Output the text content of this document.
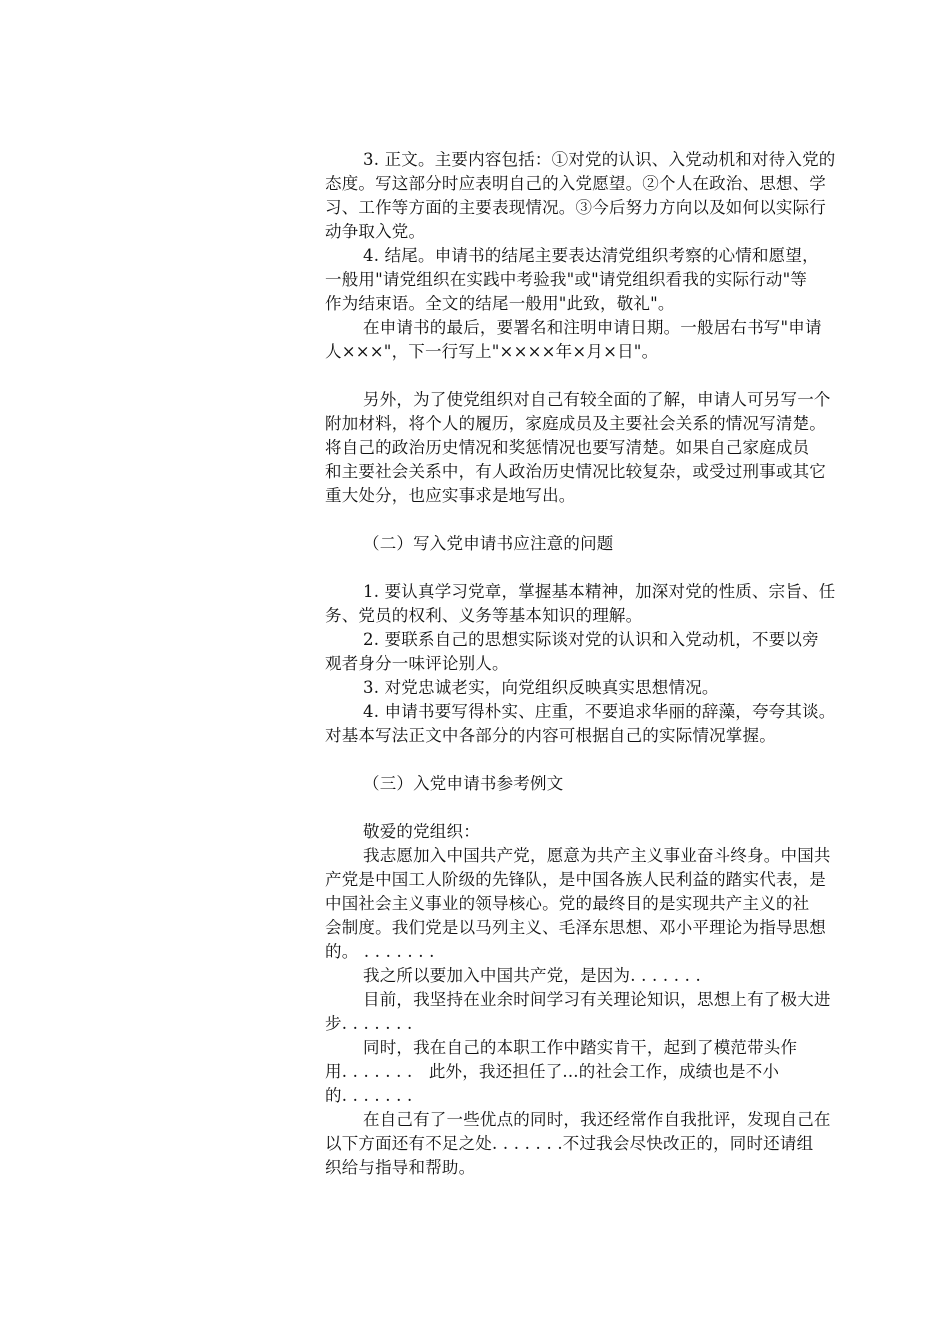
3. 正文。主要内容包括：①对党的认识、入党动机和对待入党的
态度。写这部分时应表明自己的入党愿望。②个人在政治、思想、学
习、工作等方面的主要表现情况。③今后努力方向以及如何以实际行
动争取入党。
4. 结尾。申请书的结尾主要表达清党组织考察的心情和愿望，
一般用"请党组织在实践中考验我"或"请党组织看我的实际行动"等
作为结束语。全文的结尾一般用"此致，敬礼"。
在申请书的最后，要署名和注明申请日期。一般居右书写"申请
人×××"，下一行写上"××××年×月×日"。
另外，为了使党组织对自己有较全面的了解，申请人可另写一个
附加材料，将个人的履历，家庭成员及主要社会关系的情况写清楚。
将自己的政治历史情况和奖惩情况也要写清楚。如果自己家庭成员
和主要社会关系中，有人政治历史情况比较复杂，或受过刑事或其它
重大处分，也应实事求是地写出。
（二）写入党申请书应注意的问题
1. 要认真学习党章，掌握基本精神，加深对党的性质、宗旨、任
务、党员的权利、义务等基本知识的理解。
2. 要联系自己的思想实际谈对党的认识和入党动机，不要以旁
观者身分一味评论别人。
3. 对党忠诚老实，向党组织反映真实思想情况。
4. 申请书要写得朴实、庄重，不要追求华丽的辞藻，夸夸其谈。
对基本写法正文中各部分的内容可根据自己的实际情况掌握。
（三）入党申请书参考例文
敬爱的党组织：
我志愿加入中国共产党，愿意为共产主义事业奋斗终身。中国共
产党是中国工人阶级的先锋队，是中国各族人民利益的踏实代表，是
中国社会主义事业的领导核心。党的最终目的是实现共产主义的社
会制度。我们党是以马列主义、毛泽东思想、邓小平理论为指导思想
的。 . . . . . . .
我之所以要加入中国共产党，是因为. . . . . . .
目前，我坚持在业余时间学习有关理论知识，思想上有了极大进
步. . . . . . .
同时，我在自己的本职工作中踏实肯干，起到了模范带头作
用. . . . . . .   此外，我还担任了...的社会工作，成绩也是不小
的. . . . . . .
在自己有了一些优点的同时，我还经常作自我批评，发现自己在
以下方面还有不足之处. . . . . . .不过我会尽快改正的，同时还请组
织给与指导和帮助。
